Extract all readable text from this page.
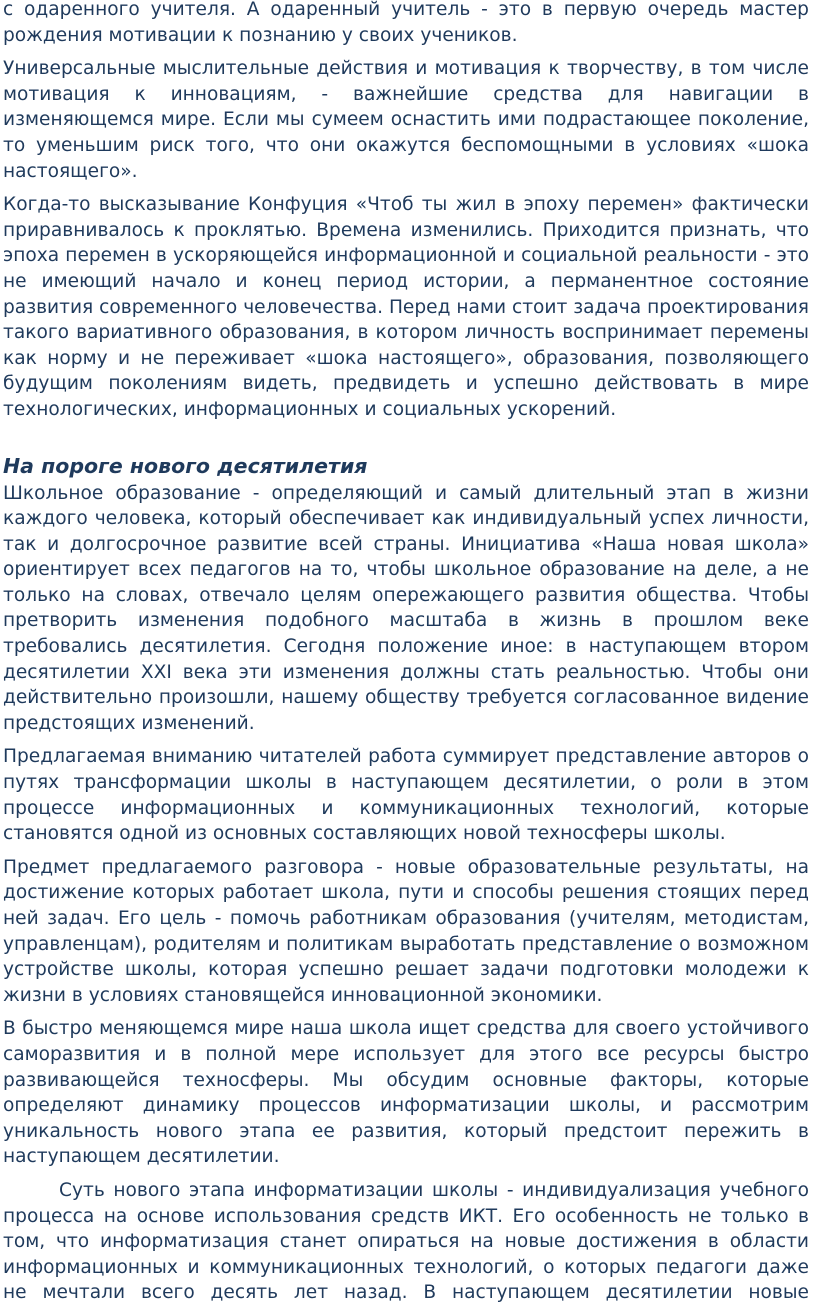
с одаренного учителя. А одаренный учитель - это в первую очередь мастер рождения мотивации к познанию у своих учеников.

Универсальные мыслительные действия и мотивация к творчеству, в том числе мотивация к инновациям, - важнейшие средства для навигации в изменяющемся мире. Если мы сумеем оснастить ими подрастающее поколение, то уменьшим риск того, что они окажутся беспомощными в условиях «шока настоящего».

Когда-то высказывание Конфуция «Чтоб ты жил в эпоху перемен» фактически приравнивалось к проклятью. Времена изменились. Приходится признать, что эпоха перемен в ускоряющейся информационной и социальной реальности - это не имеющий начало и конец период истории, а перманентное состояние развития современного человечества. Перед нами стоит задача проектирования такого вариативного образования, в котором личность воспринимает перемены как норму и не переживает «шока настоящего», образования, позволяющего будущим поколениям видеть, предвидеть и успешно действовать в мире технологических, информационных и социальных ускорений.

На пороге нового десятилетия

Школьное образование - определяющий и самый длительный этап в жизни каждого человека, который обеспечивает как индивидуальный успех личности, так и долгосрочное развитие всей страны. Инициатива «Наша новая школа» ориентирует всех педагогов на то, чтобы школьное образование на деле, а не только на словах, отвечало целям опережающего развития общества. Чтобы претворить изменения подобного масштаба в жизнь в прошлом веке требовались десятилетия. Сегодня положение иное: в наступающем втором десятилетии XXI века эти изменения должны стать реальностью. Чтобы они действительно произошли, нашему обществу требуется согласованное видение предстоящих изменений.

Предлагаемая вниманию читателей работа суммирует представление авторов о путях трансформации школы в наступающем десятилетии, о роли в этом процессе информационных и коммуникационных технологий, которые становятся одной из основных составляющих новой техносферы школы.

Предмет предлагаемого разговора - новые образовательные результаты, на достижение которых работает школа, пути и способы решения стоящих перед ней задач. Его цель - помочь работникам образования (учителям, методистам, управленцам), родителям и политикам выработать представление о возможном устройстве школы, которая успешно решает задачи подготовки молодежи к жизни в условиях становящейся инновационной экономики.

В быстро меняющемся мире наша школа ищет средства для своего устойчивого саморазвития и в полной мере использует для этого все ресурсы быстро развивающейся техносферы. Мы обсудим основные факторы, которые определяют динамику процессов информатизации школы, и рассмотрим уникальность нового этапа ее развития, который предстоит пережить в наступающем десятилетии.

Суть нового этапа информатизации школы - индивидуализация учебного процесса на основе использования средств ИКТ. Его особенность не только в том, что информатизация станет опираться на новые достижения в области информационных и коммуникационных технологий, о которых педагоги даже не мечтали всего десять лет назад. В наступающем десятилетии новые
